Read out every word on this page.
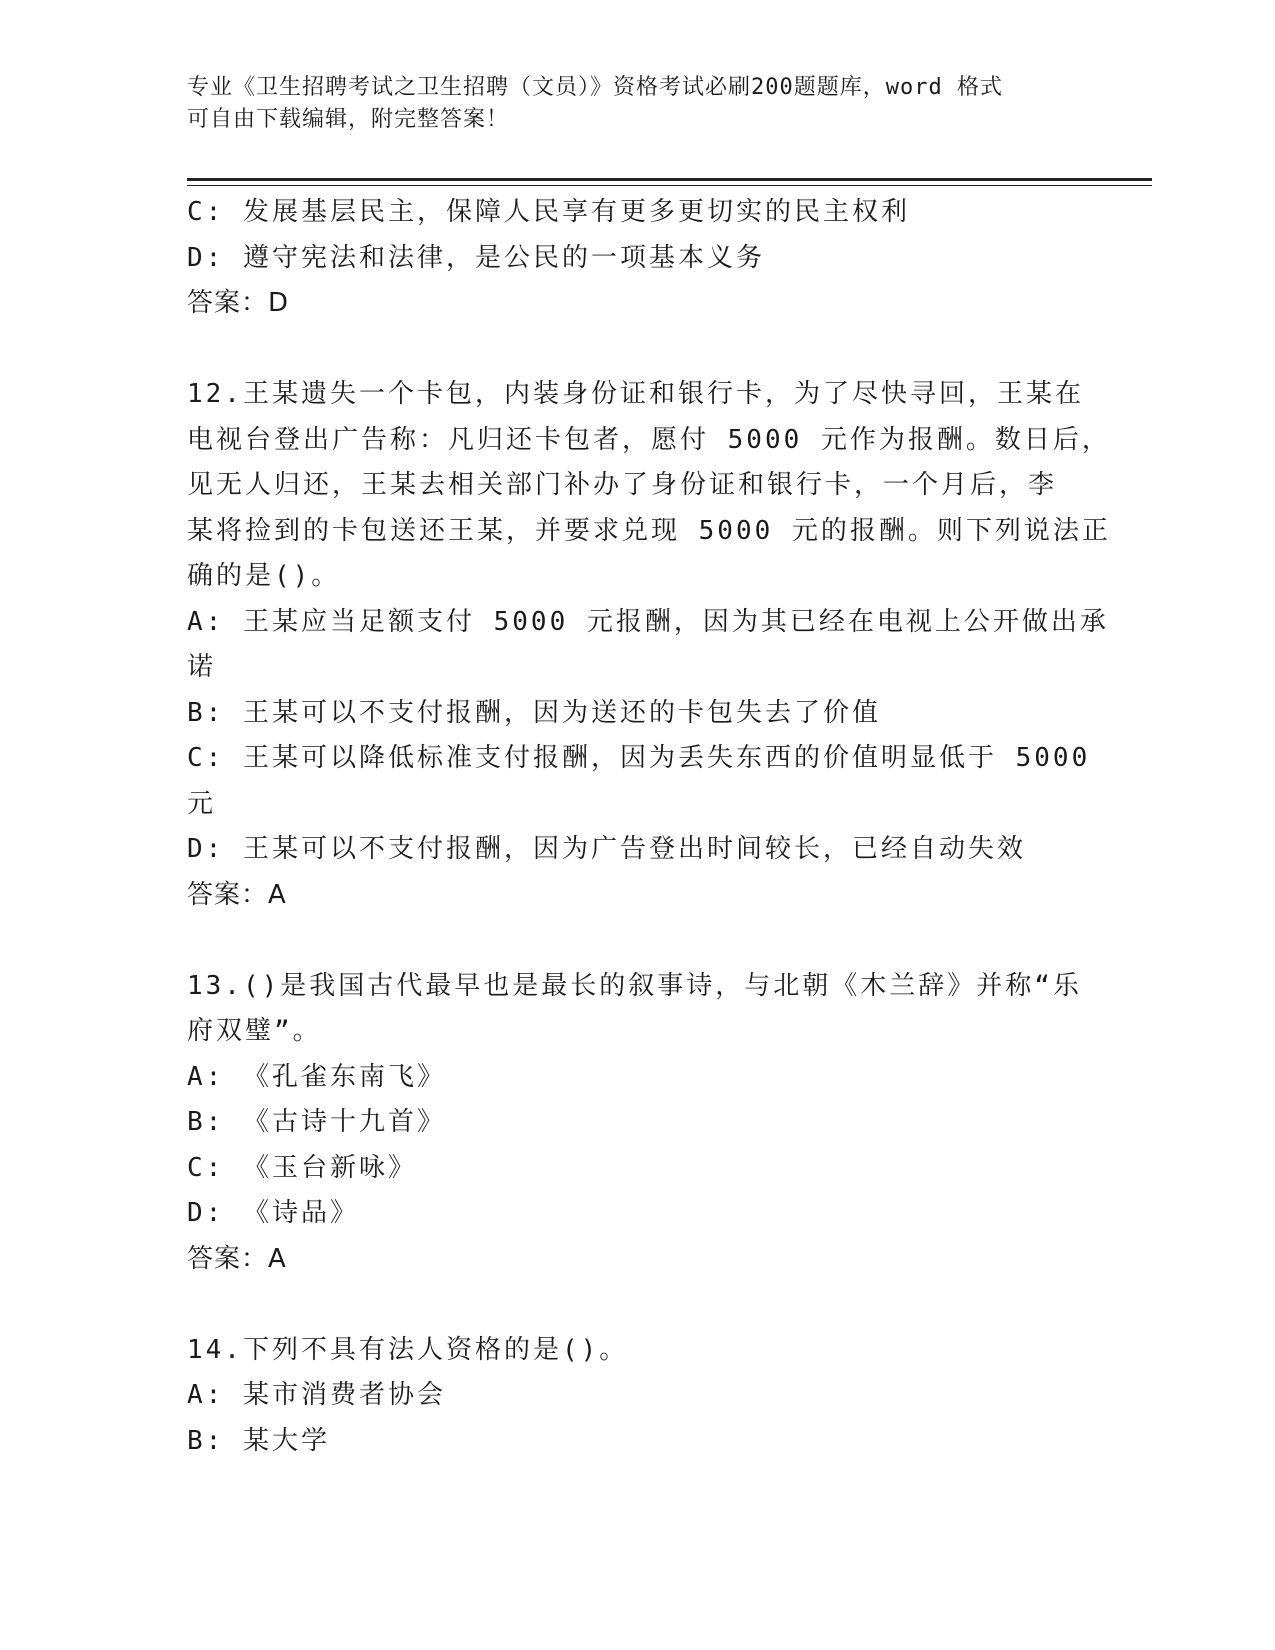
专业《卫生招聘考试之卫生招聘（文员）》资格考试必刷200题题库，word 格式
可自由下载编辑，附完整答案！
C: 发展基层民主，保障人民享有更多更切实的民主权利
D: 遵守宪法和法律，是公民的一项基本义务
答案：D
12.王某遗失一个卡包，内装身份证和银行卡，为了尽快寻回，王某在
电视台登出广告称：凡归还卡包者，愿付 5000 元作为报酬。数日后，
见无人归还，王某去相关部门补办了身份证和银行卡，一个月后，李
某将捡到的卡包送还王某，并要求兑现 5000 元的报酬。则下列说法正
确的是()。
A: 王某应当足额支付 5000 元报酬，因为其已经在电视上公开做出承
诺
B: 王某可以不支付报酬，因为送还的卡包失去了价值
C: 王某可以降低标准支付报酬，因为丢失东西的价值明显低于 5000
元
D: 王某可以不支付报酬，因为广告登出时间较长，已经自动失效
答案：A
13.()是我国古代最早也是最长的叙事诗，与北朝《木兰辞》并称“乐
府双璧”。
A: 《孔雀东南飞》
B: 《古诗十九首》
C: 《玉台新咏》
D: 《诗品》
答案：A
14.下列不具有法人资格的是()。
A: 某市消费者协会
B: 某大学
